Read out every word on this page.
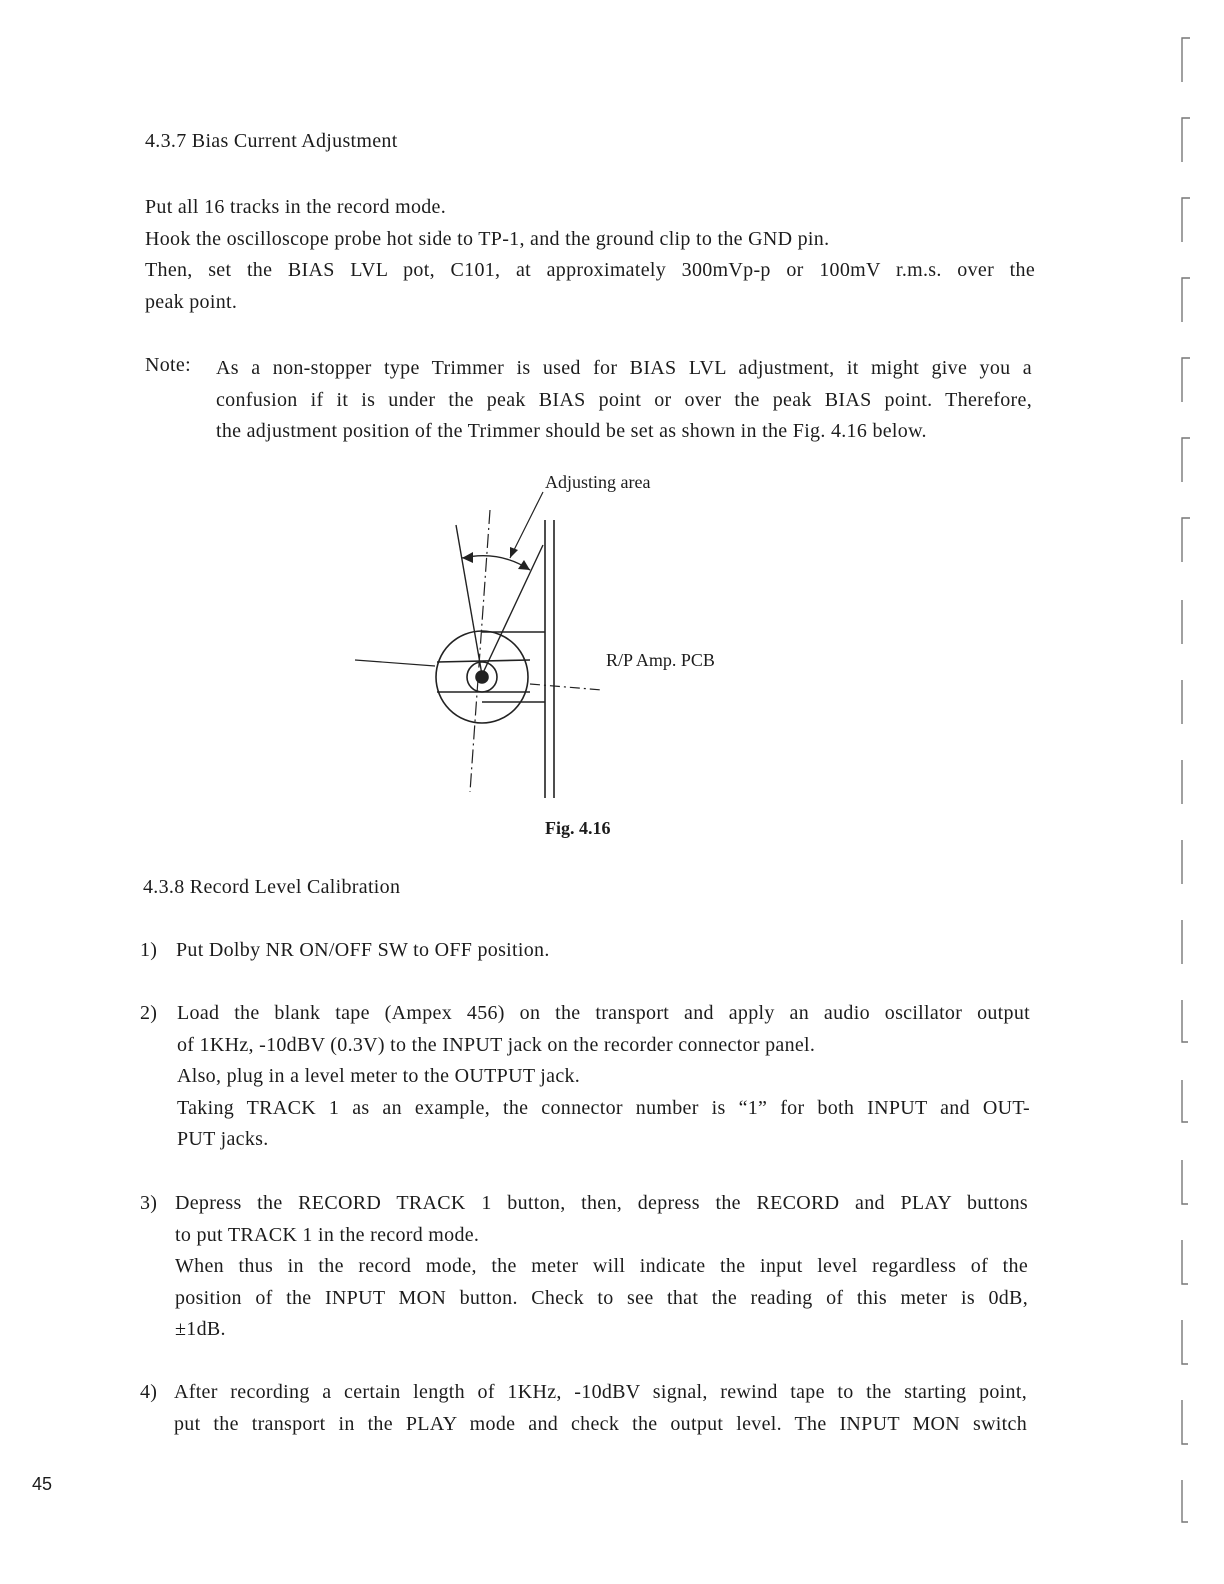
4.3.7 Bias Current Adjustment
Put all 16 tracks in the record mode.
Hook the oscilloscope probe hot side to TP-1, and the ground clip to the GND pin.
Then, set the BIAS LVL pot, C101, at approximately 300mVp-p or 100mV r.m.s. over the
peak point.
Note: As a non-stopper type Trimmer is used for BIAS LVL adjustment, it might give you a
confusion if it is under the peak BIAS point or over the peak BIAS point. Therefore,
the adjustment position of the Trimmer should be set as shown in the Fig. 4.16 below.
Adjusting area
R/P Amp. PCB
Fig. 4.16
4.3.8 Record Level Calibration
1) Put Dolby NR ON/OFF SW to OFF position.
2) Load the blank tape (Ampex 456) on the transport and apply an audio oscillator output
of 1KHz, -10dBV (0.3V) to the INPUT jack on the recorder connector panel.
Also, plug in a level meter to the OUTPUT jack.
Taking TRACK 1 as an example, the connector number is “1” for both INPUT and OUT-
PUT jacks.
3) Depress the RECORD TRACK 1 button, then, depress the RECORD and PLAY buttons
to put TRACK 1 in the record mode.
When thus in the record mode, the meter will indicate the input level regardless of the
position of the INPUT MON button. Check to see that the reading of this meter is 0dB,
±1dB.
4) After recording a certain length of 1KHz, -10dBV signal, rewind tape to the starting point,
put the transport in the PLAY mode and check the output level. The INPUT MON switch
45
